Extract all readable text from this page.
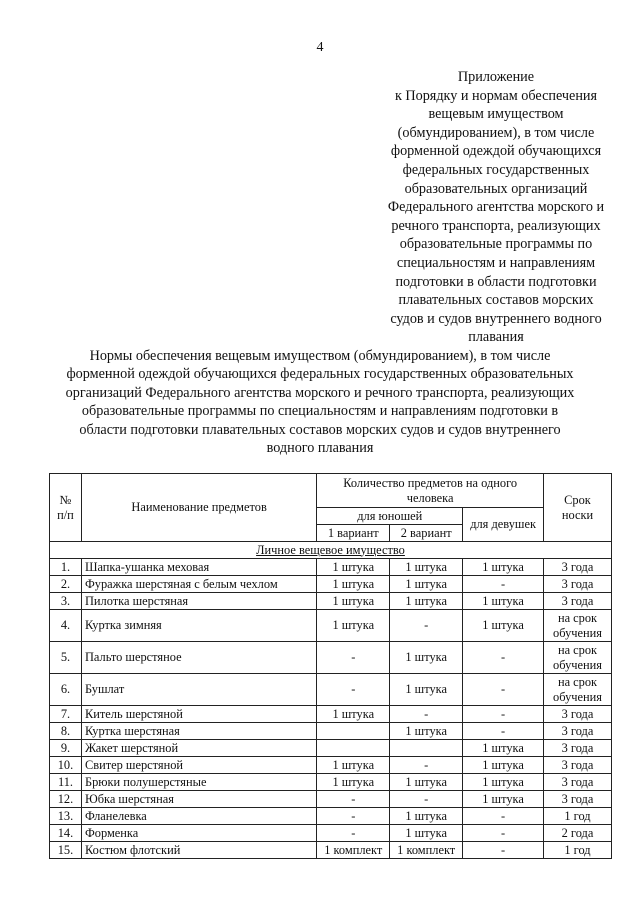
4
Приложение
к Порядку и нормам обеспечения
вещевым имуществом
(обмундированием), в том числе
форменной одеждой обучающихся
федеральных государственных
образовательных организаций
Федерального агентства морского и
речного транспорта, реализующих
образовательные программы по
специальностям и направлениям
подготовки в области подготовки
плавательных составов морских
судов и судов внутреннего водного
плавания
Нормы обеспечения вещевым имуществом (обмундированием), в том числе
форменной одеждой обучающихся федеральных государственных образовательных
организаций Федерального агентства морского и речного транспорта, реализующих
образовательные программы по специальностям и направлениям подготовки в
области подготовки плавательных составов морских судов и судов внутреннего
водного плавания
№ п/п	Наименование предметов	Количество предметов на одного человека			Срок носки
		для юношей		для девушек	
		1 вариант	2 вариант		
Личное вещевое имущество					
1.	Шапка-ушанка меховая	1 штука	1 штука	1 штука	3 года
2.	Фуражка шерстяная с белым чехлом	1 штука	1 штука	-	3 года
3.	Пилотка шерстяная	1 штука	1 штука	1 штука	3 года
4.	Куртка зимняя	1 штука	-	1 штука	на срок обучения
5.	Пальто шерстяное	-	1 штука	-	на срок обучения
6.	Бушлат	-	1 штука	-	на срок обучения
7.	Китель шерстяной	1 штука	-	-	3 года
8.	Куртка шерстяная		1 штука	-	3 года
9.	Жакет шерстяной			1 штука	3 года
10.	Свитер шерстяной	1 штука	-	1 штука	3 года
11.	Брюки полушерстяные	1 штука	1 штука	1 штука	3 года
12.	Юбка шерстяная	-	-	1 штука	3 года
13.	Фланелевка	-	1 штука	-	1 год
14.	Форменка	-	1 штука	-	2 года
15.	Костюм флотский	1 комплект	1 комплект	-	1 год
